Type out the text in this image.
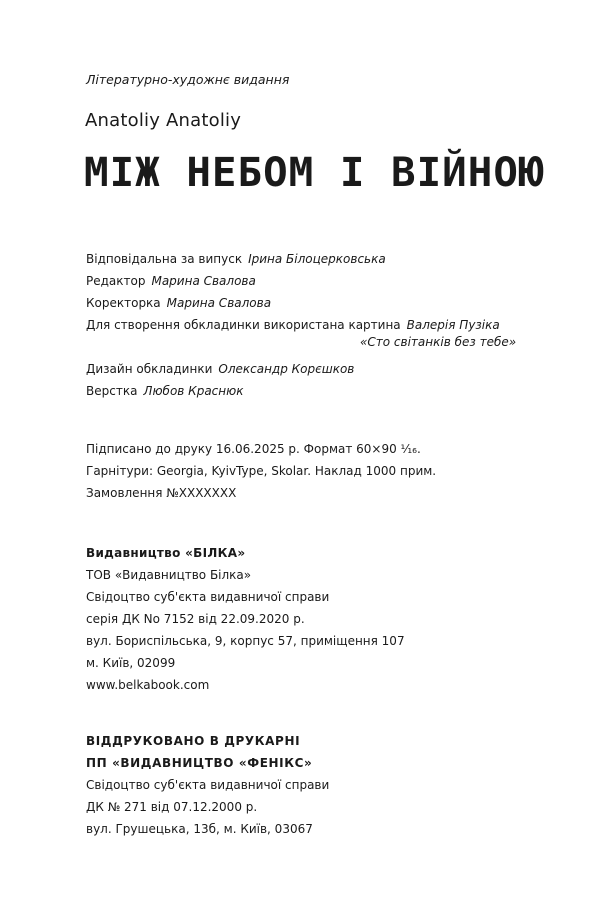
Літературно-художнє видання
Anatoliy Anatoliy
МІЖ НЕБОМ І ВІЙНОЮ
Відповідальна за випуск Ірина Білоцерковська
Редактор Марина Свалова
Коректорка Марина Свалова
Для створення обкладинки використана картина Валерія Пузіка
Дизайн обкладинки Олександр Корєшков
Верстка Любов Краснюк
«Сто світанків без тебе»
Підписано до друку 16.06.2025 р. Формат 60×90 ¹⁄₁₆.
Гарнітури: Georgia, KyivType, Skolar. Наклад 1000 прим.
Замовлення №XXXXXXX
Видавництво «БІЛКА»
ТОВ «Видавництво Білка»
Свідоцтво суб'єкта видавничої справи
серія ДК No 7152 від 22.09.2020 р.
вул. Бориспільська, 9, корпус 57, приміщення 107
м. Київ, 02099
www.belkabook.com
ВІДДРУКОВАНО В ДРУКАРНІ
ПП «ВИДАВНИЦТВО «ФЕНІКС»
Свідоцтво суб'єкта видавничої справи
ДК № 271 від 07.12.2000 р.
вул. Грушецька, 13б, м. Київ, 03067
